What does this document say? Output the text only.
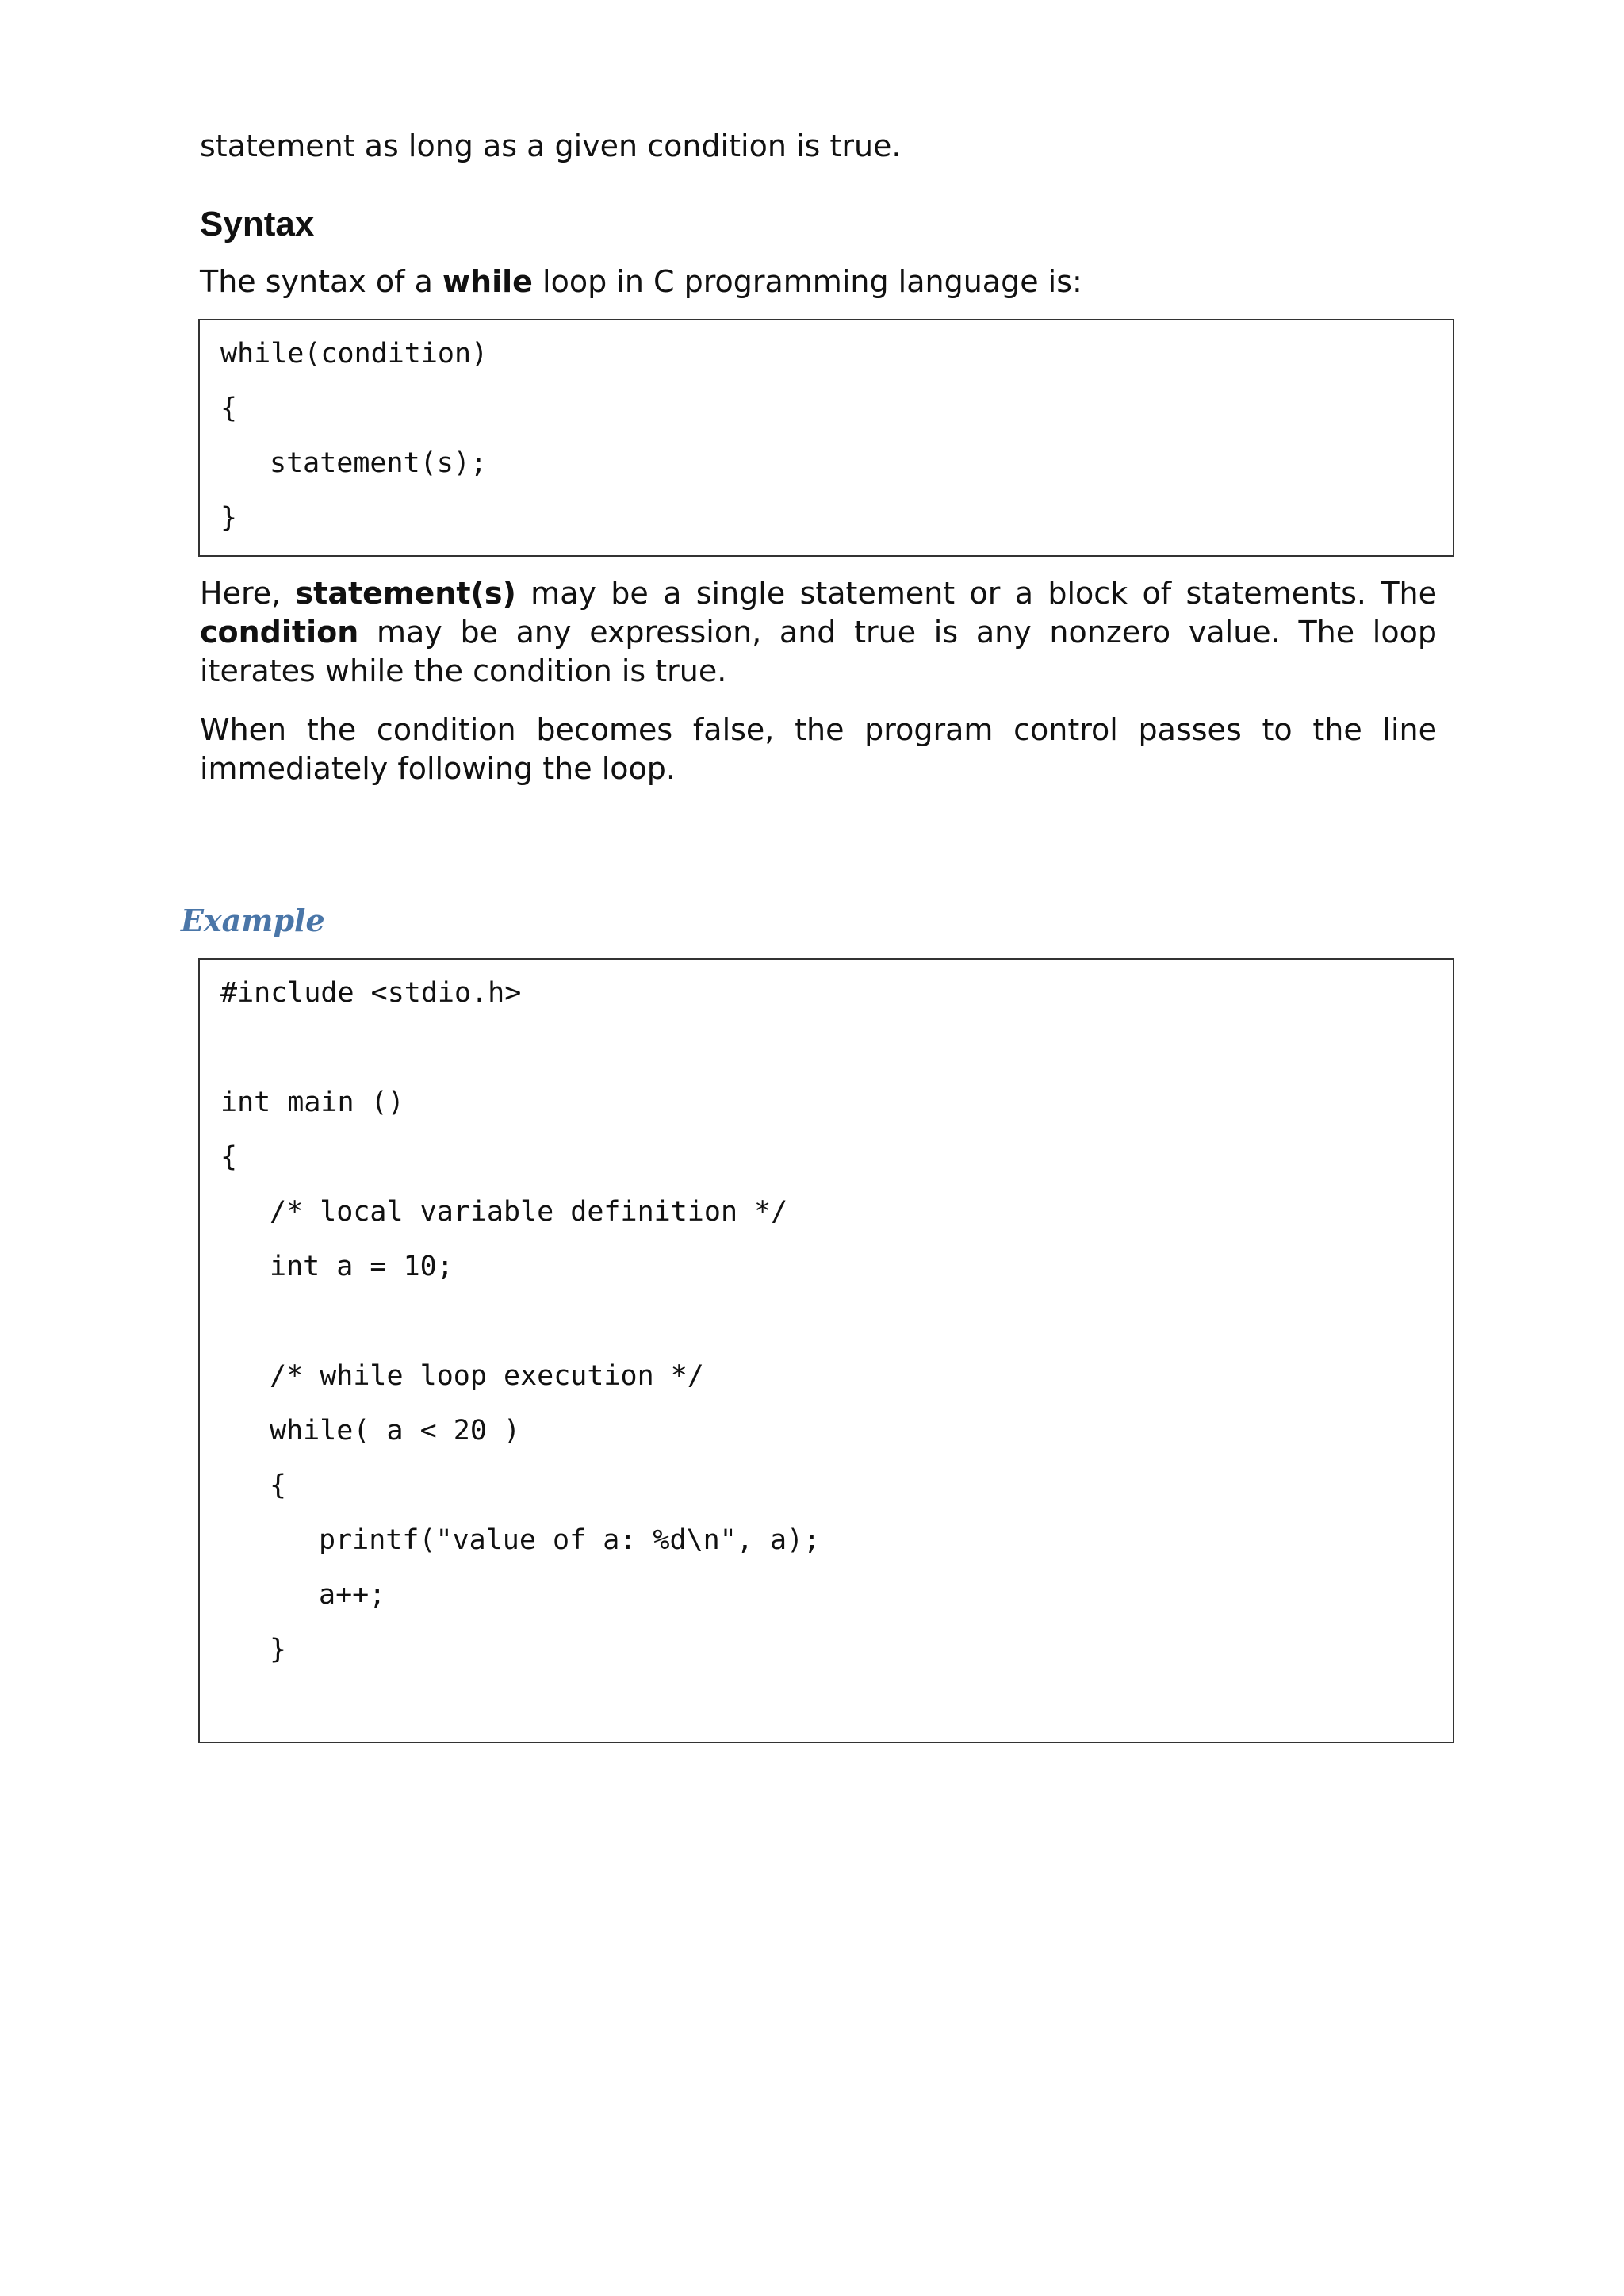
statement as long as a given condition is true.

Syntax

The syntax of a while loop in C programming language is:

while(condition)
{
statement(s);
}

Here, statement(s) may be a single statement or a block of statements. The condition may be any expression, and true is any nonzero value. The loop iterates while the condition is true.

When the condition becomes false, the program control passes to the line immediately following the loop.

Example
#include <stdio.h>
int main ()
{
/* local variable definition */
int a = 10;
/* while loop execution */
while( a < 20 )
{
printf("value of a: %d\n", a);
a++;
}
